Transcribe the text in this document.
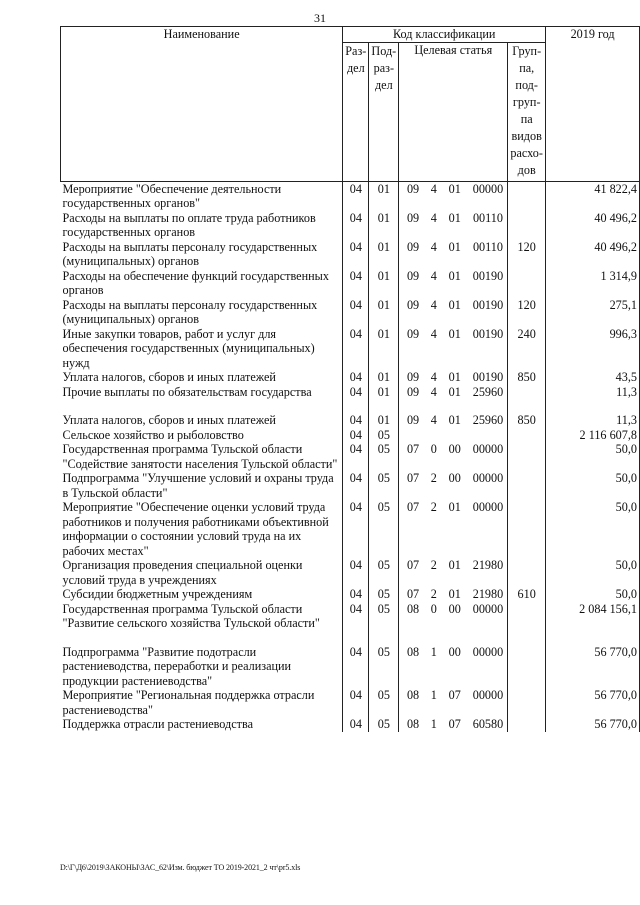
31
Наименование	Код классификации							2019 год
	Раз-дел	Под-раз-дел	Целевая статья				Груп-па, под-груп-па видов расхо-дов	
Мероприятие "Обеспечение деятельности государственных органов"	04	01	09	4	01	00000		41 822,4
Расходы на выплаты по оплате труда работников государственных органов	04	01	09	4	01	00110		40 496,2
Расходы на выплаты персоналу государственных (муниципальных) органов	04	01	09	4	01	00110	120	40 496,2
Расходы на обеспечение функций государственных органов	04	01	09	4	01	00190		1 314,9
Расходы на выплаты персоналу государственных (муниципальных) органов	04	01	09	4	01	00190	120	275,1
Иные закупки товаров, работ и услуг для обеспечения государственных (муниципальных) нужд	04	01	09	4	01	00190	240	996,3
Уплата налогов, сборов и иных платежей	04	01	09	4	01	00190	850	43,5
Прочие выплаты по обязательствам государства	04	01	09	4	01	25960		11,3
Уплата налогов, сборов и иных платежей	04	01	09	4	01	25960	850	11,3
Сельское хозяйство и рыболовство	04	05						2 116 607,8
Государственная программа Тульской области "Содействие занятости населения Тульской области"	04	05	07	0	00	00000		50,0
Подпрограмма "Улучшение условий и охраны труда в Тульской области"	04	05	07	2	00	00000		50,0
Мероприятие "Обеспечение оценки условий труда работников и получения работниками объективной информации о состоянии условий труда на их рабочих местах"	04	05	07	2	01	00000		50,0
Организация проведения специальной оценки условий труда в учреждениях	04	05	07	2	01	21980		50,0
Субсидии бюджетным учреждениям	04	05	07	2	01	21980	610	50,0
Государственная программа Тульской области "Развитие сельского хозяйства Тульской области"	04	05	08	0	00	00000		2 084 156,1
Подпрограмма "Развитие подотрасли растениеводства, переработки и реализации продукции растениеводства"	04	05	08	1	00	00000		56 770,0
Мероприятие "Региональная поддержка отрасли растениеводства"	04	05	08	1	07	00000		56 770,0
Поддержка отрасли растениеводства	04	05	08	1	07	60580		56 770,0
D:\Г\Д6\2019\ЗАКОНЫ\ЗАС_62\Изм. бюджет ТО 2019-2021_2 чт\pr5.xls
